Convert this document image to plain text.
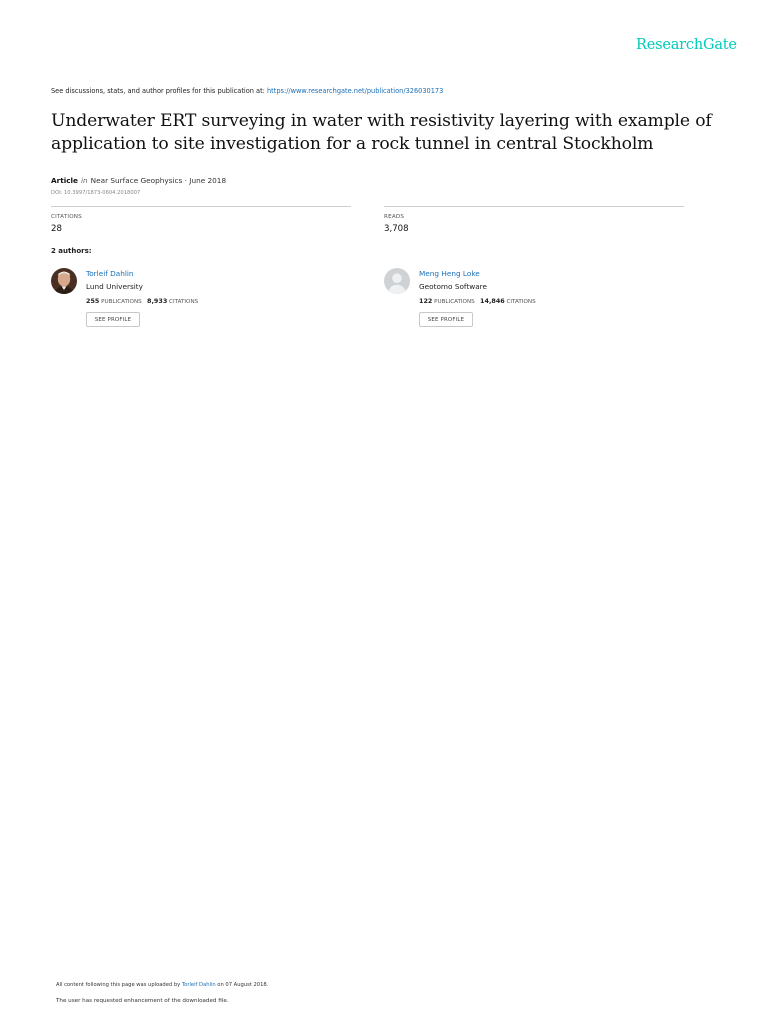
ResearchGate
See discussions, stats, and author profiles for this publication at: https://www.researchgate.net/publication/326030173
Underwater ERT surveying in water with resistivity layering with example of application to site investigation for a rock tunnel in central Stockholm
Article in Near Surface Geophysics · June 2018
DOI: 10.3997/1873-0604.2018007
CITATIONS
28
READS
3,708
2 authors:
Torleif Dahlin
Lund University
255 PUBLICATIONS 8,933 CITATIONS
SEE PROFILE
Meng Heng Loke
Geotomo Software
122 PUBLICATIONS 14,846 CITATIONS
SEE PROFILE
All content following this page was uploaded by Torleif Dahlin on 07 August 2018.
The user has requested enhancement of the downloaded file.
